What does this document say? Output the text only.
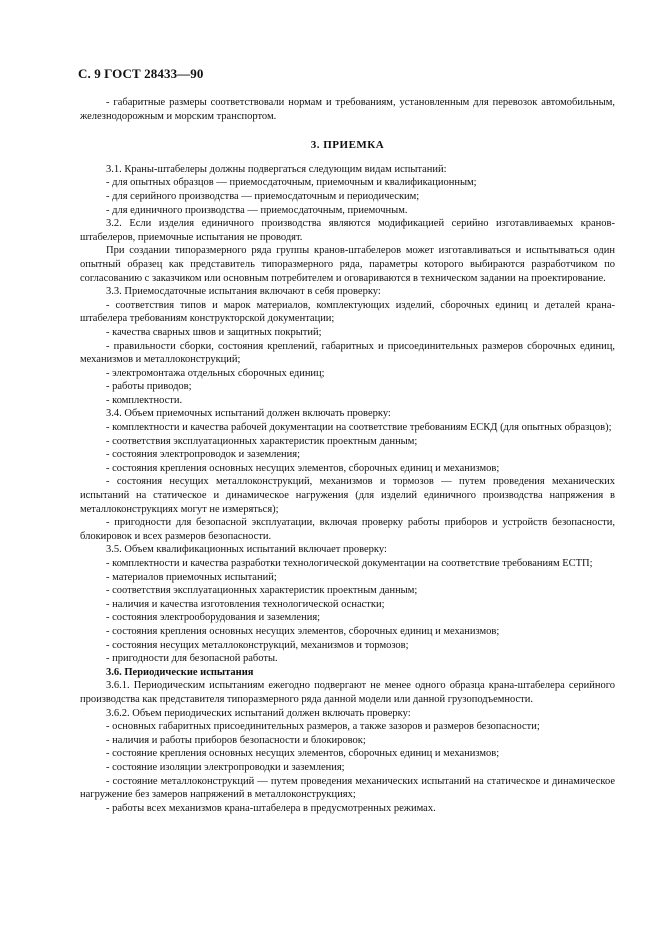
С. 9 ГОСТ 28433—90

- габаритные размеры соответствовали нормам и требованиям, установленным для перевозок автомобильным, железнодорожным и морским транспортом.

3. ПРИЕМКА

3.1. Краны-штабелеры должны подвергаться следующим видам испытаний:

- для опытных образцов — приемосдаточным, приемочным и квалификационным;

- для серийного производства — приемосдаточным и периодическим;

- для единичного производства — приемосдаточным, приемочным.

3.2. Если изделия единичного производства являются модификацией серийно изготавливаемых кранов-штабелеров, приемочные испытания не проводят.

При создании типоразмерного ряда группы кранов-штабелеров может изготавливаться и испытываться один опытный образец как представитель типоразмерного ряда, параметры которого выбираются разработчиком по согласованию с заказчиком или основным потребителем и оговариваются в техническом задании на проектирование.

3.3. Приемосдаточные испытания включают в себя проверку:

- соответствия типов и марок материалов, комплектующих изделий, сборочных единиц и деталей крана-штабелера требованиям конструкторской документации;

- качества сварных швов и защитных покрытий;

- правильности сборки, состояния креплений, габаритных и присоединительных размеров сборочных единиц, механизмов и металлоконструкций;

- электромонтажа отдельных сборочных единиц;

- работы приводов;

- комплектности.

3.4. Объем приемочных испытаний должен включать проверку:

- комплектности и качества рабочей документации на соответствие требованиям ЕСКД (для опытных образцов);

- соответствия эксплуатационных характеристик проектным данным;

- состояния электропроводок и заземления;

- состояния крепления основных несущих элементов, сборочных единиц и механизмов;

- состояния несущих металлоконструкций, механизмов и тормозов — путем проведения механических испытаний на статическое и динамическое нагружения (для изделий единичного производства напряжения в металлоконструкциях могут не измеряться);

- пригодности для безопасной эксплуатации, включая проверку работы приборов и устройств безопасности, блокировок и всех размеров безопасности.

3.5. Объем квалификационных испытаний включает проверку:

- комплектности и качества разработки технологической документации на соответствие требованиям ЕСТП;

- материалов приемочных испытаний;

- соответствия эксплуатационных характеристик проектным данным;

- наличия и качества изготовления технологической оснастки;

- состояния электрооборудования и заземления;

- состояния крепления основных несущих элементов, сборочных единиц и механизмов;

- состояния несущих металлоконструкций, механизмов и тормозов;

- пригодности для безопасной работы.

3.6. Периодические испытания

3.6.1. Периодическим испытаниям ежегодно подвергают не менее одного образца крана-штабелера серийного производства как представителя типоразмерного ряда данной модели или данной грузоподъемности.

3.6.2. Объем периодических испытаний должен включать проверку:

- основных габаритных присоединительных размеров, а также зазоров и размеров безопасности;

- наличия и работы приборов безопасности и блокировок;

- состояние крепления основных несущих элементов, сборочных единиц и механизмов;

- состояние изоляции электропроводки и заземления;

- состояние металлоконструкций — путем проведения механических испытаний на статическое и динамическое нагружение без замеров напряжений в металлоконструкциях;

- работы всех механизмов крана-штабелера в предусмотренных режимах.
